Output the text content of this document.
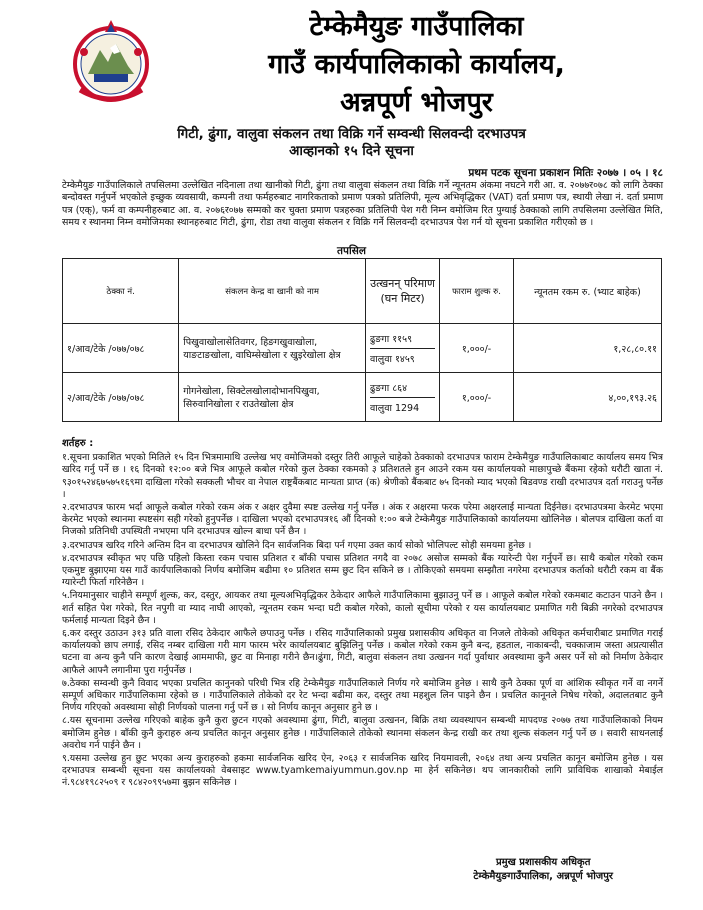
टेम्केमैयुङ गाउँपालिका
गाउँ कार्यपालिकाको कार्यालय,
अन्नपूर्ण भोजपुर
गिटी, ढुंगा, वालुवा संकलन तथा विक्रि गर्ने सम्वन्धी सिलवन्दी दरभाउपत्र
आव्हानको १५ दिने सूचना
प्रथम पटक सूचना प्रकाशन मितिः २०७७ । ०५ । १८
टेम्केमैयुङ गाउँपालिकाले तपसिलमा उल्लेखित नदिनाला तथा खानीको गिटी, ढुंगा तथा वालुवा संकलन तथा विक्रि गर्ने न्यूनतम अंकमा नघटने गरी आ. व. २०७७र०७८ को लागि ठेक्का बन्दोवस्त गर्नुपर्ने भएकोले इच्छुक व्यवसायी, कम्पनी तथा फर्महरुबाट नागरिकताको प्रमाण पत्रको प्रतिलिपी, मूल्य अभिवृद्धिकर (VAT) दर्ता प्रमाण पत्र, स्थायी लेखा नं. दर्ता प्रमाण पत्र (एक्), फर्म वा कम्पनीहरुबाट आ. व. २०७६र०७७ सम्मको कर चुक्ता प्रमाण पत्रहरुका प्रतिलिपी पेश गरी निम्न वमोजिम रित पुग्याई ठेक्काको लागि तपसिलमा उल्लेखित मिति, समय र स्थानमा निम्न वमोजिमका स्थानहरुबाट गिटी, ढुंगा, रोडा तथा वालुवा संकलन र विक्रि गर्ने सिलवन्दी दरभाउपत्र पेश गर्न यो सूचना प्रकाशित गरीएको छ ।
तपसिल
ठेक्का नं.	संकलन केन्द्र वा खानी को नाम	उत्खनन् परिमाण (घन मिटर)	फाराम शुल्क रु.	न्यूनतम रकम रु. (भ्याट बाहेक)
१/आव/टेके /०७७/०७८	पिखुवाखोलासेतिवगर, हिङगखुवाखोला, याङटाङखोला, वाघिम्सेखोला र खुइरेखोला क्षेत्र	ढुङगा ११५९
वालुवा १४५९	१,०००/-	१,२८,८०.११
२/आव/टेके /०७७/०७८	गोगनेखोला, सिक्टेलखोलादोभानपिखुवा, सिरुवानिखोला र राउतेखोला क्षेत्र	ढुङगा ८६४
वालुवा 1294	१,०००/-	४,००,१९३.२६
शर्तहरु :

१.सूचना प्रकाशित भएको मितिले १५ दिन भित्रमामाथि उल्लेख भए वमोजिमको दस्तुर तिरी आफूले चाहेको ठेक्काको दरभाउपत्र फाराम टेम्केमैयुङ गाउँपालिकाबाट कार्यालय समय भित्र खरिद गर्नु पर्ने छ । १६ दिनको १२:०० बजे भित्र आफूले कबोल गरेको कुल ठेक्का रकमको ३ प्रतिशतले हुन आउने रकम यस कार्यालयको माछापुच्छे बैंकमा रहेको धरौटी खाता नं. ९३०१५२४६७५७५१६९मा दाखिला गरेको सक्कली भौचर वा नेपाल राष्ट्रबैंकबाट मान्यता प्राप्त (क) श्रेणीको बैंकबाट ७५ दिनको म्याद भएको बिडवण्ड राखी दरभाउपत्र दर्ता गराउनु पर्नेछ ।

२.दरभाउपत्र फारम भर्दा आफूले कबोल गरेको रकम अंक र अक्षर दुवैमा स्पष्ट उल्लेख गर्नु पर्नेछ । अंक र अक्षरमा फरक परेमा अक्षरलाई मान्यता दिईनेछ। दरभाउपत्रमा केरमेट भएमा केरमेट भएको स्थानमा स्पष्टसंग सही गरेको हुनुपर्नेछ । दाखिला भएको दरभाउपत्र१६ औं दिनको १:०० बजे टेम्केमैयुङ गाउँपालिकाको कार्यालयमा खोलिनेछ । बोलपत्र दाखिला कर्ता वा निजको प्रतिनिधी उपस्थिती नभएमा पनि दरभाउपत्र खोल्न बाधा पर्ने छैन ।

३.दरभाउपत्र खरिद गरिने अन्तिम दिन वा दरभाउपत्र खोलिने दिन सार्वजनिक बिदा पर्न गएमा उक्त कार्य सोको भोलिपल्ट सोही समयमा हुनेछ ।

४.दरभाउपत्र स्वीकृत भए पछि पहिलो किस्ता रकम पचास प्रतिशत र बाँकी पचास प्रतिशत नगदै वा २०७८ असोज सम्मको बैंक ग्यारेन्टी पेश गर्नुपर्ने छ। साथै कबोल गरेको रकम एकमुष्ट बुझाएमा यस गाउँ कार्यपालिकाको निर्णय बमोजिम बढीमा १० प्रतिशत सम्म छुट दिन सकिने छ । तोकिएको समयमा सम्झौता नगरेमा दरभाउपत्र कर्ताको धरौटी रकम वा बैंक ग्यारेन्टी फिर्ता गरिनेछैन ।

५.नियमानुसार चाहीने सम्पूर्ण शुल्क, कर, दस्तुर, आयकर तथा मूल्यअभिवृद्धिकर ठेकेदार आफैले गाउँपालिकामा बुझाउनु पर्ने छ । आफूले कबोल गरेको रकमबाट कटाउन पाउने छैन । शर्त सहित पेश गरेको, रित नपुगी वा म्याद नाघी आएको, न्यूनतम रकम भन्दा घटी कबोल गरेको, कालो सूचीमा परेको र यस कार्यालयबाट प्रमाणित गरी बिक्री नगरेको दरभाउपत्र फर्मलाई मान्यता दिइने छैन ।

६.कर दस्तुर उठाउन ३१३ प्रति वाला रसिद ठेकेदार आफैले छपाउनु पर्नेछ । रसिद गाउँपालिकाको प्रमुख प्रशासकीय अधिकृत वा निजले तोकेको अधिकृत कर्मचारीबाट प्रमाणित गराई कार्यालयको छाप लगाई, रसिद नम्बर दाखिला गरी माग फारम भरेर कार्यालयबाट बुझिलिनु पर्नेछ । कबोल गरेको रकम कुनै बन्द, हडताल, नाकाबन्दी, चक्काजाम जस्ता अप्रत्यासीत घटना वा अन्य कुनै पनि कारण देखाई आममाफी, छुट वा मिनाहा गरीने छैन।ढुंगा, गिटी, बालुवा संकलन तथा उत्खनन गर्दा पुर्वाधार अवस्थामा कुनै असर पर्ने सो को निर्माण ठेकेदार आफैले आफ्नै लगानीमा पुरा गर्नुपर्नेछ ।

७.ठेक्का सम्वन्धी कुनै विवाद भएका प्रचलित कानुनको परिधी भित्र रहि टेम्केमैयुङ गाउँपालिकाले निर्णय गरे बमोजिम हुनेछ । साथै कुनै ठेक्का पूर्ण वा आंशिक स्वीकृत गर्ने वा नगर्ने सम्पूर्ण अधिकार गाउँपालिकामा रहेको छ । गाउँपालिकाले तोकेको दर रेट भन्दा बढीमा कर, दस्तुर तथा महशुल लिन पाइने छैन । प्रचलित कानूनले निषेध गरेको, अदालतबाट कुनै निर्णय गरिएको अवस्थामा सोही निर्णयको पालना गर्नु पर्ने छ । सो निर्णय कानून अनुसार हुने छ ।

८.यस सूचनामा उल्लेख गरिएको बाहेक कुनै कुरा छुटन गएको अवस्थामा ढुंगा, गिटी, बालुवा उत्खनन, बिक्रि तथा व्यवस्थापन सम्बन्धी मापदण्ड २०७७ तथा गाउँपालिकाको नियम बमोजिम हुनेछ । बाँकी कुनै कुराहरु अन्य प्रचलित कानून अनुसार हुनेछ । गाउँपालिकाले तोकेको स्थानमा संकलन केन्द्र राखी कर तथा शुल्क संकलन गर्नु पर्ने छ । सवारी साधनलाई अवरोध गर्न पाईने छैन ।

९.यसमा उल्लेख हुन छुट भएका अन्य कुराहरुको हकमा सार्वजनिक खरिद ऐन, २०६३ र सार्वजनिक खरिद नियमावली, २०६४ तथा अन्य प्रचलित कानून बमोजिम हुनेछ । यस दरभाउपत्र सम्बन्धी सूचना यस कार्यालयको वेबसाइट www.tyamkemaiyummun.gov.np मा हेर्न सकिनेछ। थप जानकारीको लागि प्राविधिक शाखाको मेबाईल नं.९८४१९८२५०९ र ९८४२०९९५७मा बुझन सकिनेछ ।

प्रमुख प्रशासकीय अधिकृत
टेम्केमैयुङगाउँपालिका, अन्नपूर्ण भोजपुर
